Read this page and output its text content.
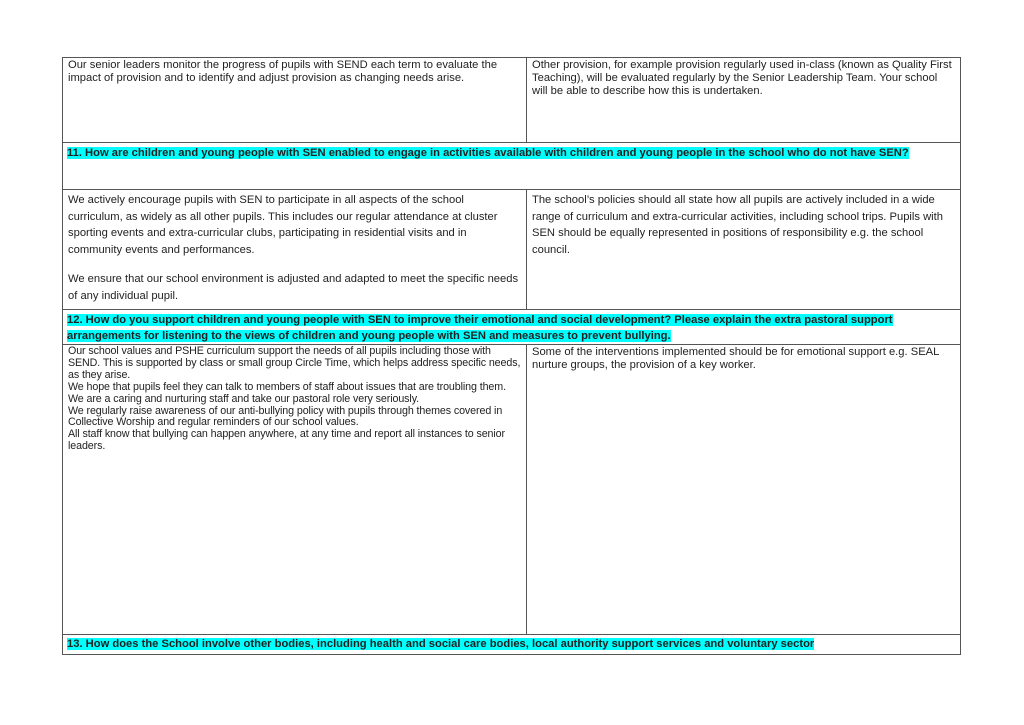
Our senior leaders monitor the progress of pupils with SEND each term to evaluate the impact of provision and to identify and adjust provision as changing needs arise.

Other provision, for example provision regularly used in-class (known as Quality First Teaching), will be evaluated regularly by the Senior Leadership Team. Your school will be able to describe how this is undertaken.

11. How are children and young people with SEN enabled to engage in activities available with children and young people in the school who do not have SEN?

We actively encourage pupils with SEN to participate in all aspects of the school curriculum, as widely as all other pupils. This includes our regular attendance at cluster sporting events and extra-curricular clubs, participating in residential visits and in community events and performances.

We ensure that our school environment is adjusted and adapted to meet the specific needs of any individual pupil.

The school’s policies should all state how all pupils are actively included in a wide range of curriculum and extra-curricular activities, including school trips. Pupils with SEN should be equally represented in positions of responsibility e.g. the school council.

12. How do you support children and young people with SEN to improve their emotional and social development? Please explain the extra pastoral support arrangements for listening to the views of children and young people with SEN and measures to prevent bullying.

Our school values and PSHE curriculum support the needs of all pupils including those with SEND. This is supported by class or small group Circle Time, which helps address specific needs, as they arise.

We hope that pupils feel they can talk to members of staff about issues that are troubling them. We are a caring and nurturing staff and take our pastoral role very seriously.

We regularly raise awareness of our anti-bullying policy with pupils through themes covered in Collective Worship and regular reminders of our school values.

All staff know that bullying can happen anywhere, at any time and report all instances to senior leaders.

Some of the interventions implemented should be for emotional support e.g. SEAL nurture groups, the provision of a key worker.

13. How does the School involve other bodies, including health and social care bodies, local authority support services and voluntary sector
